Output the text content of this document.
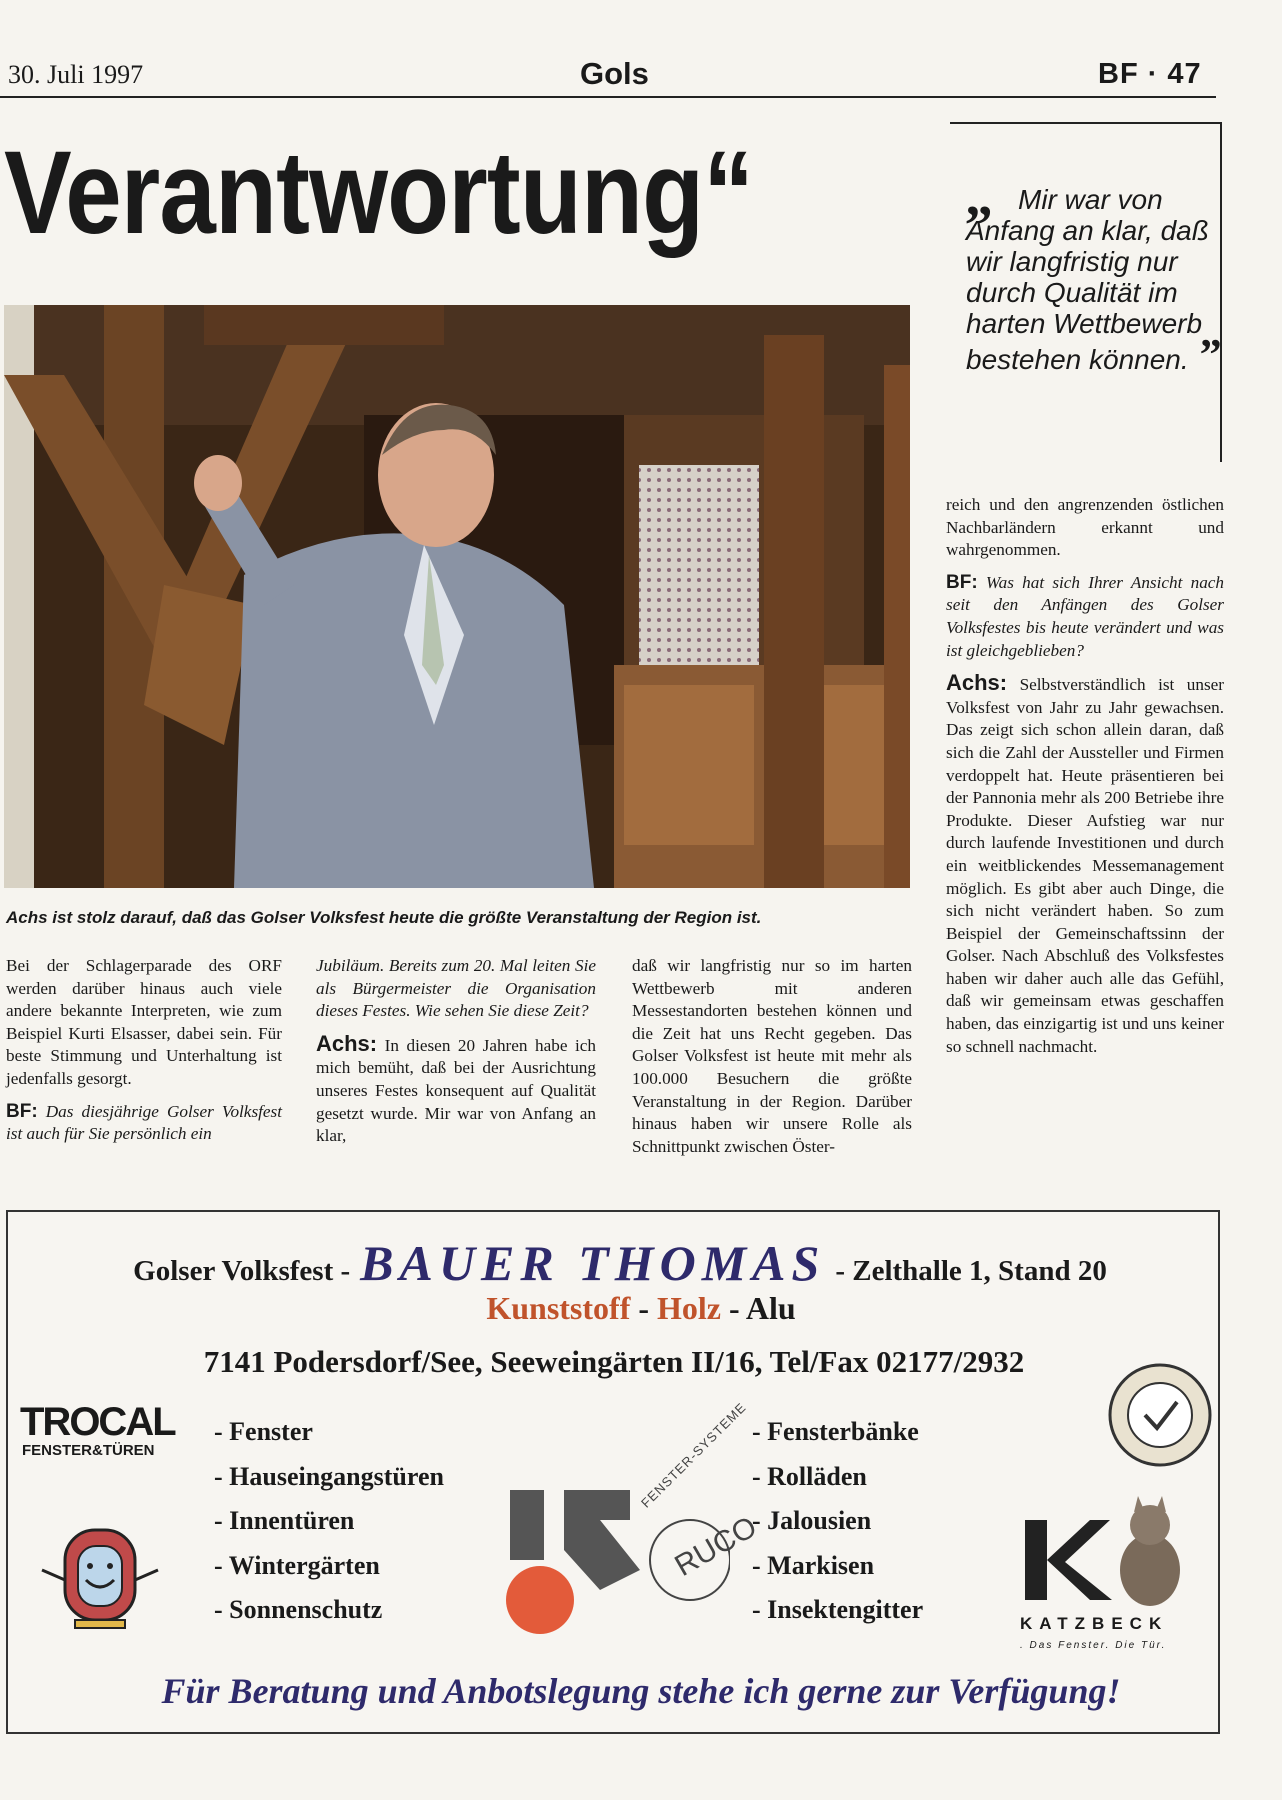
30. Juli 1997	Gols	BF · 47
Verantwortung“	„ Mir war von Anfang an klar, daß wir langfristig nur durch Qualität im harten Wettbewerb bestehen können. ”
Achs ist stolz darauf, daß das Golser Volksfest heute die größte Veranstaltung der Region ist.

Bei der Schlagerparade des ORF werden darüber hinaus auch viele andere bekannte Interpreten, wie zum Beispiel Kurti Elsasser, dabei sein. Für beste Stimmung und Unterhaltung ist jedenfalls gesorgt.

BF: Das diesjährige Golser Volksfest ist auch für Sie persönlich ein

Jubiläum. Bereits zum 20. Mal leiten Sie als Bürgermeister die Organisation dieses Festes. Wie sehen Sie diese Zeit?

Achs: In diesen 20 Jahren habe ich mich bemüht, daß bei der Ausrichtung unseres Festes konsequent auf Qualität gesetzt wurde. Mir war von Anfang an klar,

daß wir langfristig nur so im harten Wettbewerb mit anderen Messestandorten bestehen können und die Zeit hat uns Recht gegeben. Das Golser Volksfest ist heute mit mehr als 100.000 Besuchern die größte Veranstaltung in der Region. Darüber hinaus haben wir unsere Rolle als Schnittpunkt zwischen Öster-

reich und den angrenzenden östlichen Nachbarländern erkannt und wahrgenommen.

BF: Was hat sich Ihrer Ansicht nach seit den Anfängen des Golser Volksfestes bis heute verändert und was ist gleichgeblieben?

Achs: Selbstverständlich ist unser Volksfest von Jahr zu Jahr gewachsen. Das zeigt sich schon allein daran, daß sich die Zahl der Aussteller und Firmen verdoppelt hat. Heute präsentieren bei der Pannonia mehr als 200 Betriebe ihre Produkte. Dieser Aufstieg war nur durch laufende Investitionen und durch ein weitblickendes Messemanagement möglich. Es gibt aber auch Dinge, die sich nicht verändert haben. So zum Beispiel der Gemeinschaftssinn der Golser. Nach Abschluß des Volksfestes haben wir daher auch alle das Gefühl, daß wir gemeinsam etwas geschaffen haben, das einzigartig ist und uns keiner so schnell nachmacht.

Golser Volksfest - BAUER THOMAS - Zelthalle 1, Stand 20
Kunststoff - Holz - Alu
7141 Podersdorf/See, Seeweingärten II/16, Tel/Fax 02177/2932
- Fenster
- Hauseingangstüren
- Innentüren
- Wintergärten
- Sonnenschutz
- Fensterbänke
- Rolläden
- Jalousien
- Markisen
- Insektengitter
TROCAL
FENSTER&TÜREN
RUCO
FENSTER-SYSTEME
KATZBECK
. Das Fenster. Die Tür.
Für Beratung und Anbotslegung stehe ich gerne zur Verfügung!
